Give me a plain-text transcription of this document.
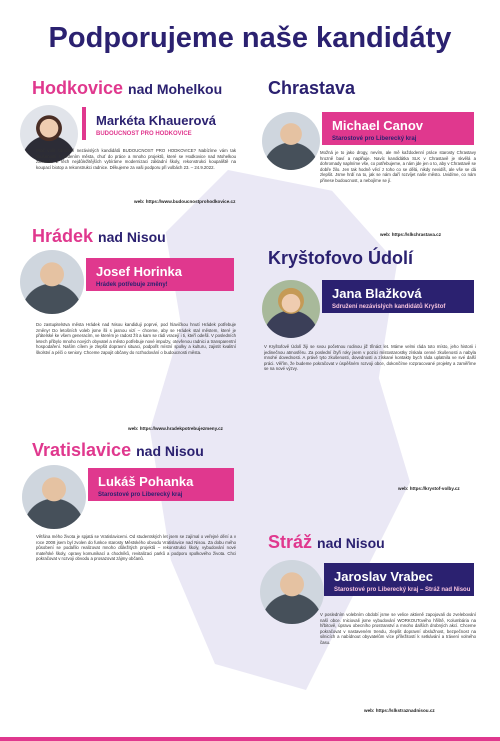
Podporujeme naše kandidáty
Hodkovice nad Mohelkou
Markéta Khauerová
BUDOUCNOST PRO HODKOVICE
Proč volit sdružení nezávislých kandidátů BUDOUCNOST PRO HODKOVICE? Nabízíme vám tak zkušenosti s vedením města, chuť do práce a mnoho projektů, které se Hodkovice nad Mohelkou zaslouží. Z těch nejdůležitějších vybíráme modernizaci základní školy, rekonstrukci koupaliště na koupací biotop a rekonstrukci radnice. Děkujeme za vaši podporu při volbách 23. – 24.9.2022.
web: https://www.budoucnostprohodkovice.cz
Chrastava
Michael Canov
Starostové pro Liberecký kraj
Možná je to jako drogy, nevím, ale mě každodenní práce starosty Chrastavy hrozně baví a naplňuje. Navíc kandidátka SLK v Chrastavě je skvělá a dohromady naplníme vše, co potřebujeme, a nám jde jen o to, aby v Chrastavě se dobře žilo. Jen tak hodně věcí z toho co se dělá, nikdy nevidíš, ale vše se dá zlepšit. Jsme hrdí na to, jak se nám daří rozvíjet naše město. Uvidíme, co nám přinese budoucnost, a nebojíme se jí.
web: https://slkchrastava.cz
Hrádek nad Nisou
Josef Horinka
Hrádek potřebuje změny!
Do zastupitelstva města Hrádek nad Nisou kandiduji poprvé, pod hlavičkou hnutí Hrádek potřebuje změny! Do letošních voleb jsme šli s jasnou vizí – chceme, aby se Hrádek stal městem, které je přátelské ke všem generacím, ve kterém je radost žít a kam se rádi vracejí i ti, kteří odešli. V posledních letech přibylo mnoho nových obyvatel a město potřebuje nové impulzy, otevřenou radnici a transparentní hospodaření. Naším cílem je zlepšit dopravní situaci, podpořit místní spolky a kulturu, zajistit kvalitní školství a péči o seniory. Chceme zapojit občany do rozhodování o budoucnosti města.
web: https://www.hradekpotrebujezmeny.cz
Kryštofovo Údolí
Jana Blažková
Sdružení nezávislých kandidátů Kryštof
V Kryštofově Údolí žiji se svou početnou rodinou již třináct let. Máme velmi ráda toto místo, jeho historii i jedinečnou atmosféru. Za poslední čtyři roky jsem v pozici místostarostky získala cenné zkušenosti a nabyla mnohé dovednosti. A právě tyto zkušenosti, dovednosti a získané kontakty bych ráda uplatnila ve své další práci. Věřím, že budeme pokračovat v úspěšném rozvoji obce, dokončíme rozpracované projekty a zaměříme se na nové výzvy.
web: https://krystof-volby.cz
Vratislavice nad Nisou
Lukáš Pohanka
Starostové pro Liberecký kraj
Většina mého života je spjatá se Vratislavicemi. Od studentských let jsem se zajímal o veřejné dění a v roce 2008 jsem byl zvolen do funkce starosty Městského obvodu Vratislavice nad Nisou. Za dobu mého působení se podařilo realizovat mnoho důležitých projektů – rekonstrukci školy, vybudování nové mateřské školy, opravy komunikací a chodníků, revitalizaci parků a podporu spolkového života. Chci pokračovat v rozvoji obvodu a prosazovat zájmy občanů.
Stráž nad Nisou
Jaroslav Vrabec
Starostové pro Liberecký kraj – Stráž nad Nisou
V posledním volebním období jsme se velice aktivně zapojovali do zvelebování naší obce. Iniciovali jsme vybudování WORKOUTového hřiště, Kolumbária na hřbitově, úpravu obecního prostranství a mnoho dalších drobných akcí. Chceme pokračovat v nastaveném trendu, zlepšit dopravní obslužnost, bezpečnost na silnicích a nabídnout obyvatelům více příležitostí k setkávání a trávení volného času.
web: https://slkstraznadnisou.cz
